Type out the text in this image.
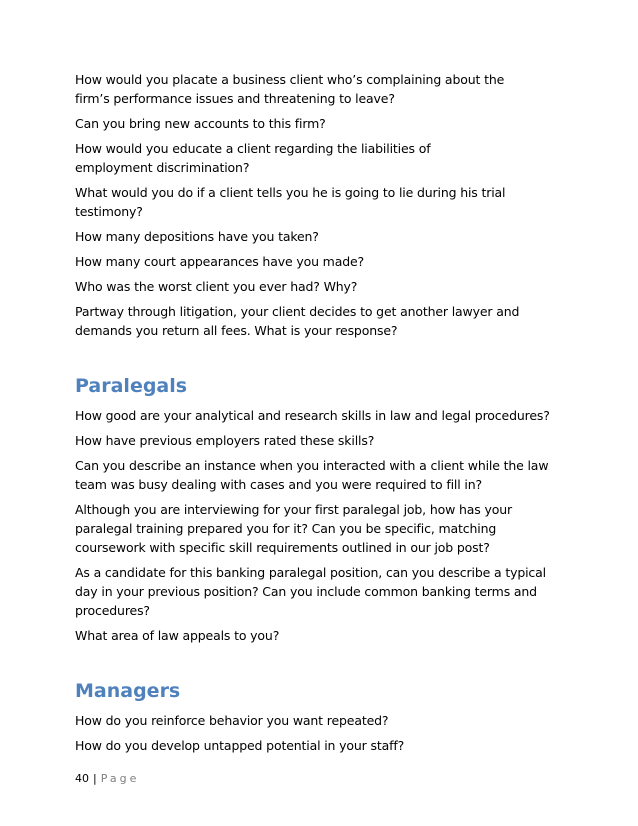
How would you placate a business client who’s complaining about the firm’s performance issues and threatening to leave?

Can you bring new accounts to this firm?

How would you educate a client regarding the liabilities of employment discrimination?

What would you do if a client tells you he is going to lie during his trial testimony?

How many depositions have you taken?

How many court appearances have you made?

Who was the worst client you ever had? Why?

Partway through litigation, your client decides to get another lawyer and demands you return all fees. What is your response?

Paralegals

How good are your analytical and research skills in law and legal procedures?

How have previous employers rated these skills?

Can you describe an instance when you interacted with a client while the law team was busy dealing with cases and you were required to fill in?

Although you are interviewing for your first paralegal job, how has your paralegal training prepared you for it? Can you be specific, matching coursework with specific skill requirements outlined in our job post?

As a candidate for this banking paralegal position, can you describe a typical day in your previous position? Can you include common banking terms and procedures?

What area of law appeals to you?

Managers

How do you reinforce behavior you want repeated?

How do you develop untapped potential in your staff?

40 | Page
